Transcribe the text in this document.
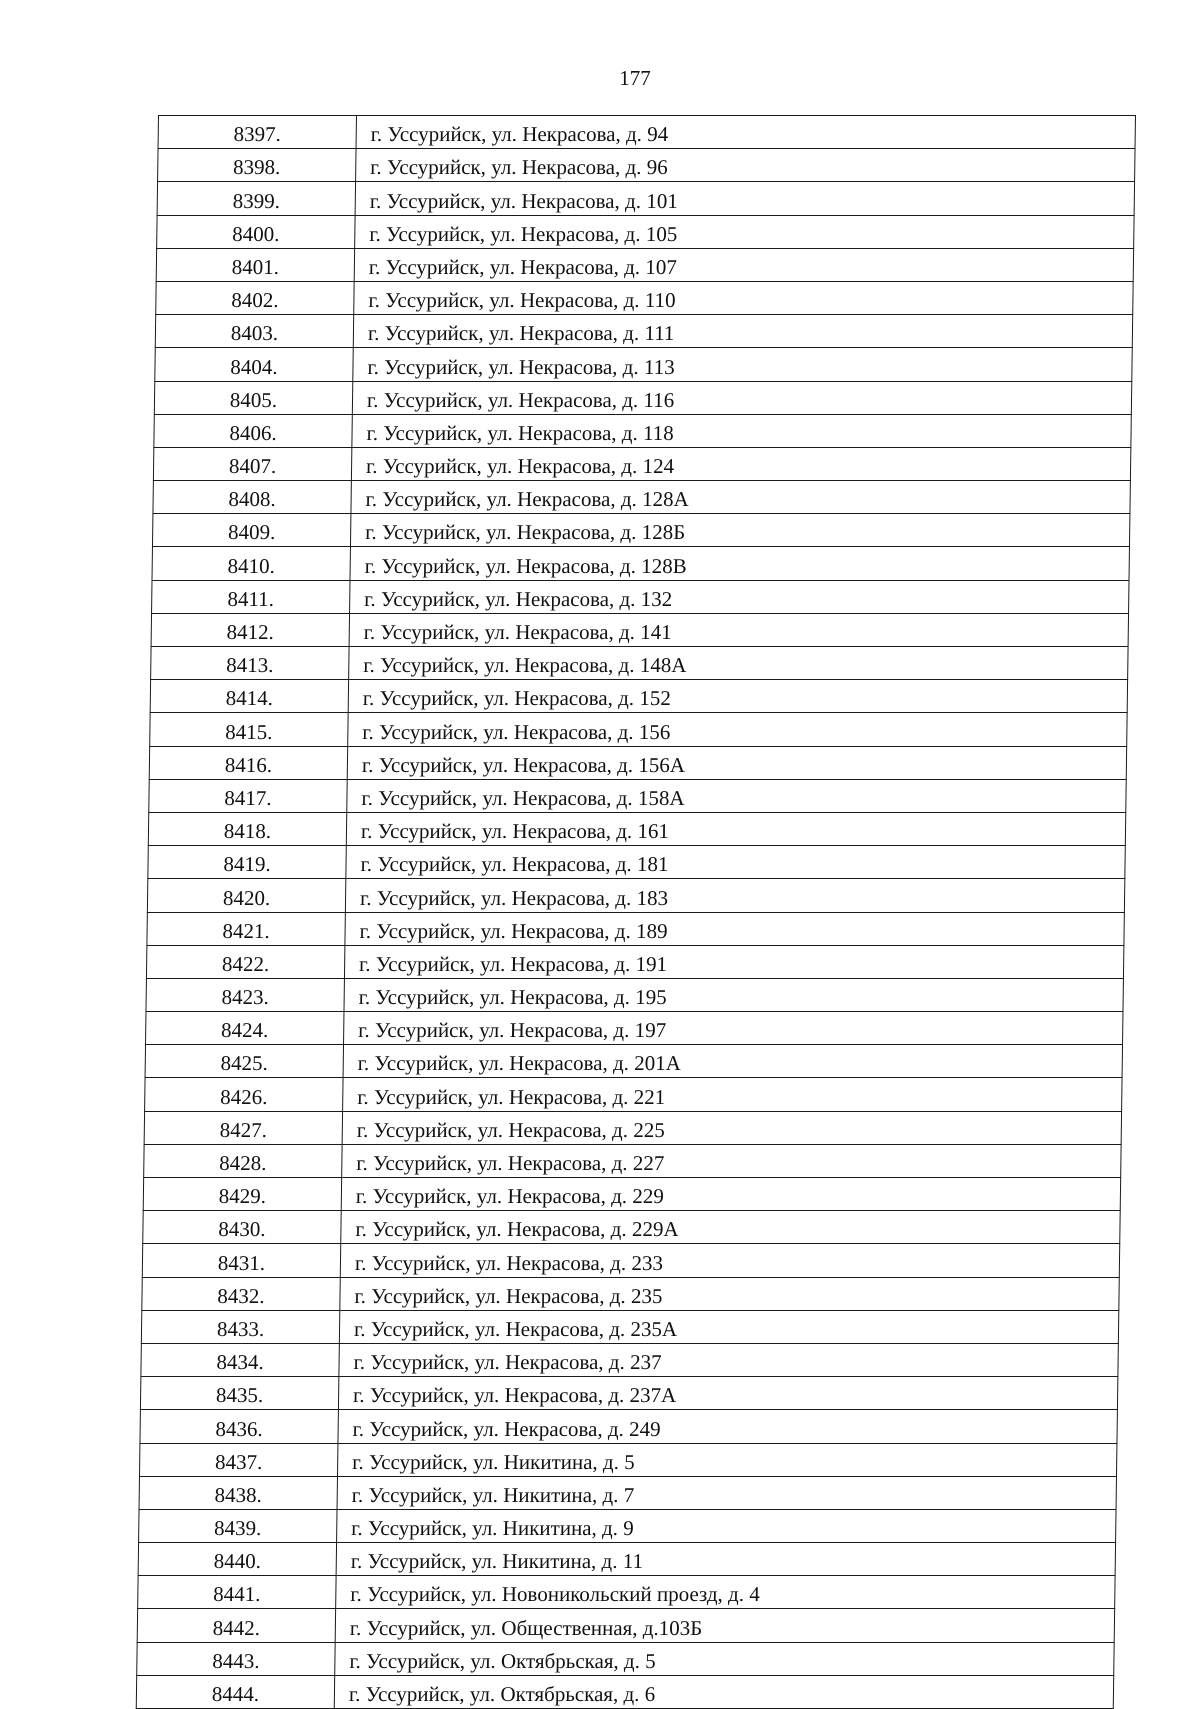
177
8397.	г. Уссурийск, ул. Некрасова, д. 94
8398.	г. Уссурийск, ул. Некрасова, д. 96
8399.	г. Уссурийск, ул. Некрасова, д. 101
8400.	г. Уссурийск, ул. Некрасова, д. 105
8401.	г. Уссурийск, ул. Некрасова, д. 107
8402.	г. Уссурийск, ул. Некрасова, д. 110
8403.	г. Уссурийск, ул. Некрасова, д. 111
8404.	г. Уссурийск, ул. Некрасова, д. 113
8405.	г. Уссурийск, ул. Некрасова, д. 116
8406.	г. Уссурийск, ул. Некрасова, д. 118
8407.	г. Уссурийск, ул. Некрасова, д. 124
8408.	г. Уссурийск, ул. Некрасова, д. 128А
8409.	г. Уссурийск, ул. Некрасова, д. 128Б
8410.	г. Уссурийск, ул. Некрасова, д. 128В
8411.	г. Уссурийск, ул. Некрасова, д. 132
8412.	г. Уссурийск, ул. Некрасова, д. 141
8413.	г. Уссурийск, ул. Некрасова, д. 148А
8414.	г. Уссурийск, ул. Некрасова, д. 152
8415.	г. Уссурийск, ул. Некрасова, д. 156
8416.	г. Уссурийск, ул. Некрасова, д. 156А
8417.	г. Уссурийск, ул. Некрасова, д. 158А
8418.	г. Уссурийск, ул. Некрасова, д. 161
8419.	г. Уссурийск, ул. Некрасова, д. 181
8420.	г. Уссурийск, ул. Некрасова, д. 183
8421.	г. Уссурийск, ул. Некрасова, д. 189
8422.	г. Уссурийск, ул. Некрасова, д. 191
8423.	г. Уссурийск, ул. Некрасова, д. 195
8424.	г. Уссурийск, ул. Некрасова, д. 197
8425.	г. Уссурийск, ул. Некрасова, д. 201А
8426.	г. Уссурийск, ул. Некрасова, д. 221
8427.	г. Уссурийск, ул. Некрасова, д. 225
8428.	г. Уссурийск, ул. Некрасова, д. 227
8429.	г. Уссурийск, ул. Некрасова, д. 229
8430.	г. Уссурийск, ул. Некрасова, д. 229А
8431.	г. Уссурийск, ул. Некрасова, д. 233
8432.	г. Уссурийск, ул. Некрасова, д. 235
8433.	г. Уссурийск, ул. Некрасова, д. 235А
8434.	г. Уссурийск, ул. Некрасова, д. 237
8435.	г. Уссурийск, ул. Некрасова, д. 237А
8436.	г. Уссурийск, ул. Некрасова, д. 249
8437.	г. Уссурийск, ул. Никитина, д. 5
8438.	г. Уссурийск, ул. Никитина, д. 7
8439.	г. Уссурийск, ул. Никитина, д. 9
8440.	г. Уссурийск, ул. Никитина, д. 11
8441.	г. Уссурийск, ул. Новоникольский проезд, д. 4
8442.	г. Уссурийск, ул. Общественная, д.103Б
8443.	г. Уссурийск, ул. Октябрьская, д. 5
8444.	г. Уссурийск, ул. Октябрьская, д. 6
